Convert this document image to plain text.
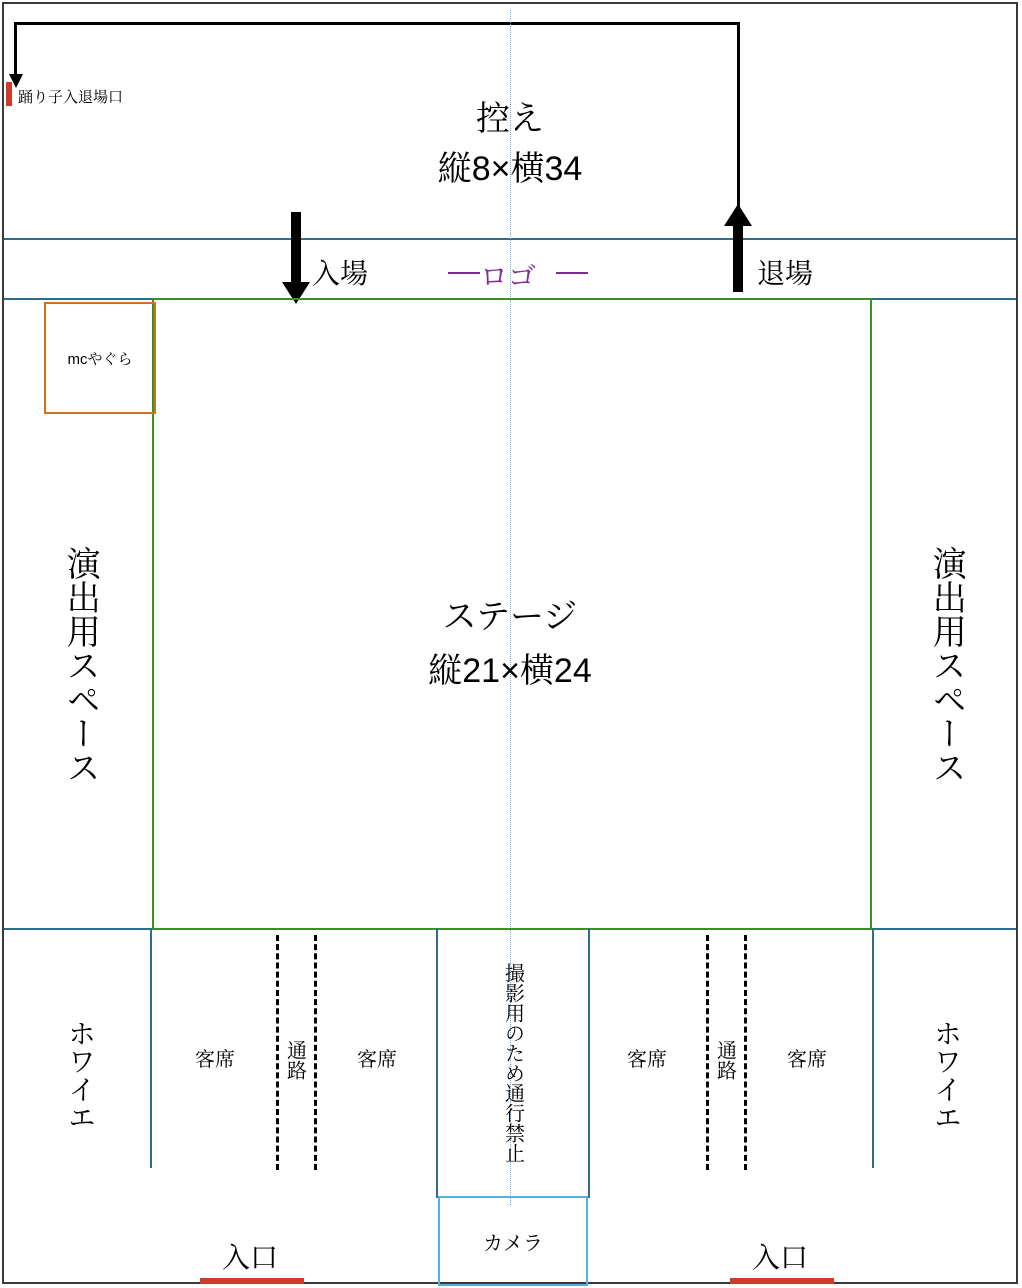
踊り子入退場口
控え
縦8×横34
入場	退場
ロゴ
ステージ
縦21×横24
mcやぐら
演出用スペース	演出用スペース
ホワイエ	ホワイエ
客席	客席
通路	客席	客席
通路
撮影用のため通行禁止
カメラ
入口	入口
